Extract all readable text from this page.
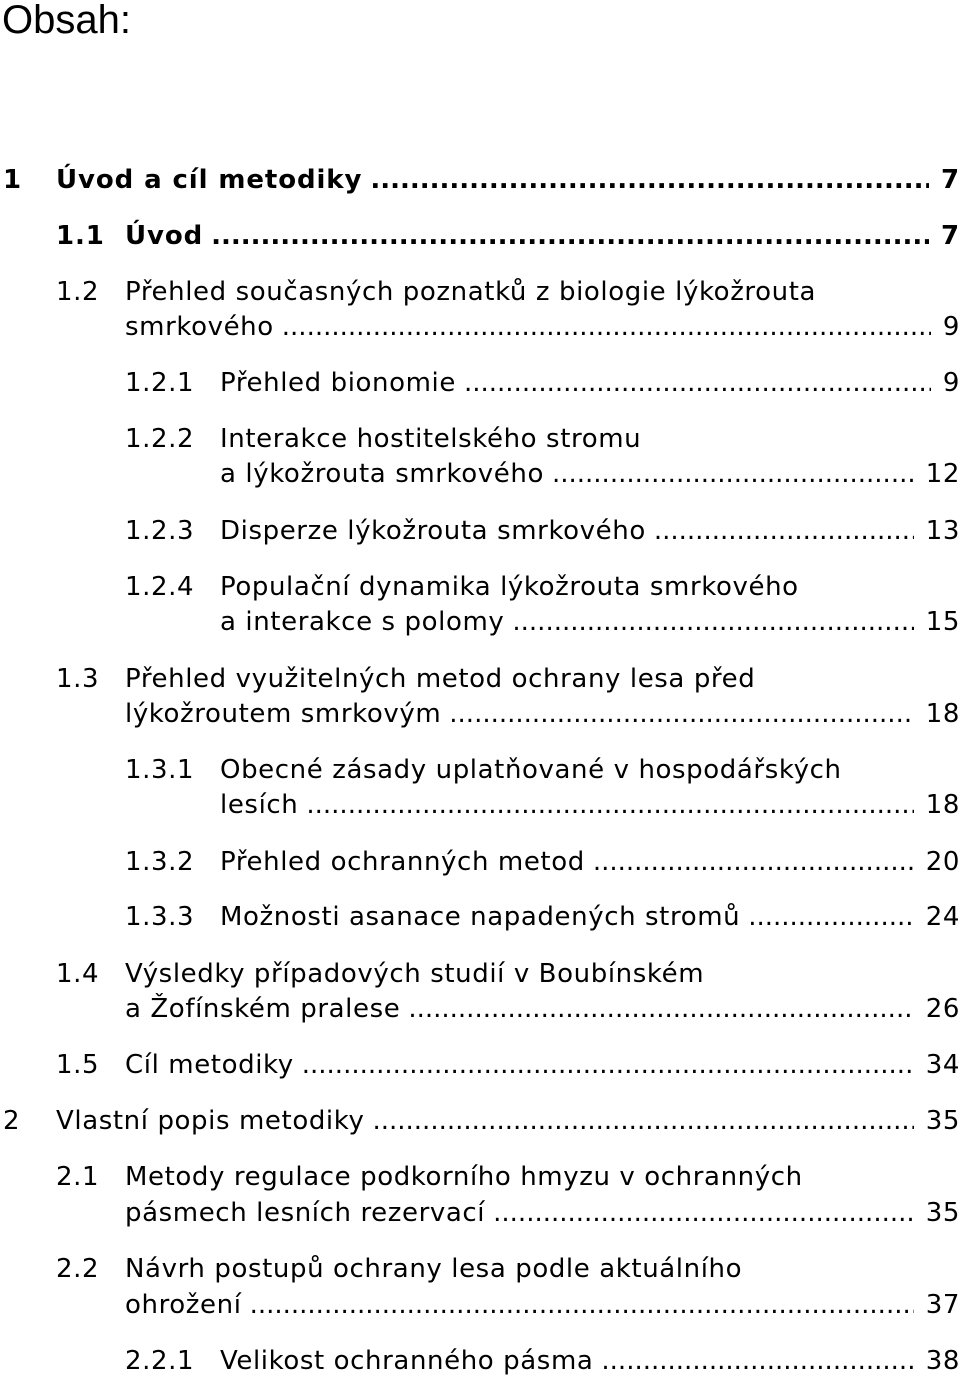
Obsah:
1 Úvod a cíl metodiky .....	7
1.1 Úvod .....	7
1.2 Přehled současných poznatků z biologie lýkožrouta
smrkového .....	9
1.2.1 Přehled bionomie .....	9
1.2.2 Interakce hostitelského stromu
a lýkožrouta smrkového .....	12
1.2.3 Disperze lýkožrouta smrkového .....	13
1.2.4 Populační dynamika lýkožrouta smrkového
a interakce s polomy .....	15
1.3 Přehled využitelných metod ochrany lesa před
lýkožroutem smrkovým .....	18
1.3.1 Obecné zásady uplatňované v hospodářských
lesích .....	18
1.3.2 Přehled ochranných metod .....	20
1.3.3 Možnosti asanace napadených stromů .....	24
1.4 Výsledky případových studií v Boubínském
a Žofínském pralese .....	26
1.5 Cíl metodiky .....	34
2 Vlastní popis metodiky .....	35
2.1 Metody regulace podkorního hmyzu v ochranných
pásmech lesních rezervací .....	35
2.2 Návrh postupů ochrany lesa podle aktuálního
ohrožení .....	37
2.2.1 Velikost ochranného pásma .....	38
